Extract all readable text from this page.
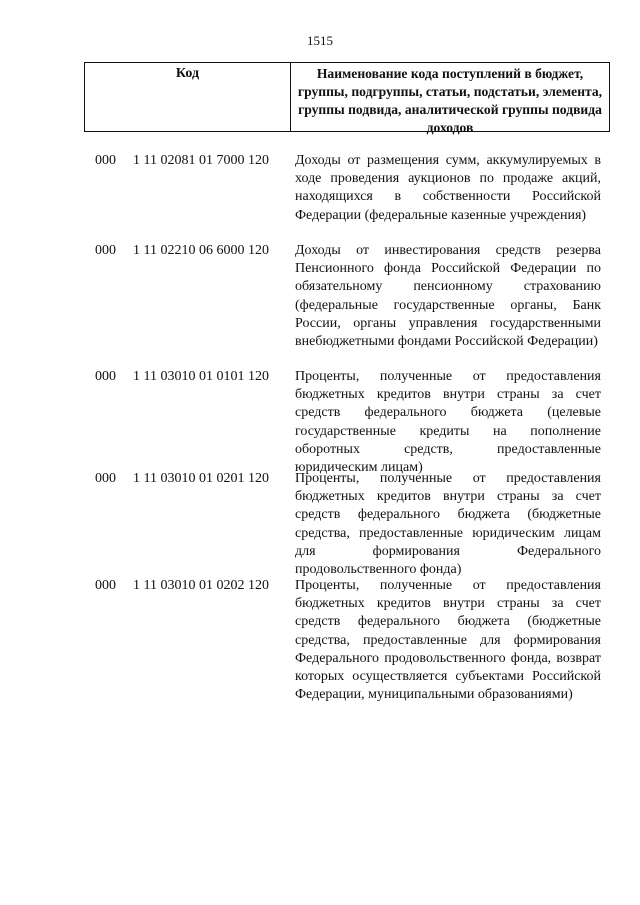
1515
Код	Наименование кода поступлений в бюджет, группы, подгруппы, статьи, подстатьи, элемента, группы подвида, аналитической группы подвида доходов
000 1 11 02081 01 7000 120 Доходы от размещения сумм, аккумулируемых в ходе проведения аукционов по продаже акций, находящихся в собственности Российской Федерации (федеральные казенные учреждения)
000 1 11 02210 06 6000 120 Доходы от инвестирования средств резерва Пенсионного фонда Российской Федерации по обязательному пенсионному страхованию (федеральные государственные органы, Банк России, органы управления государственными внебюджетными фондами Российской Федерации)
000 1 11 03010 01 0101 120 Проценты, полученные от предоставления бюджетных кредитов внутри страны за счет средств федерального бюджета (целевые государственные кредиты на пополнение оборотных средств, предоставленные юридическим лицам)
000 1 11 03010 01 0201 120 Проценты, полученные от предоставления бюджетных кредитов внутри страны за счет средств федерального бюджета (бюджетные средства, предоставленные юридическим лицам для формирования Федерального продовольственного фонда)
000 1 11 03010 01 0202 120 Проценты, полученные от предоставления бюджетных кредитов внутри страны за счет средств федерального бюджета (бюджетные средства, предоставленные для формирования Федерального продовольственного фонда, возврат которых осуществляется субъектами Российской Федерации, муниципальными образованиями)
